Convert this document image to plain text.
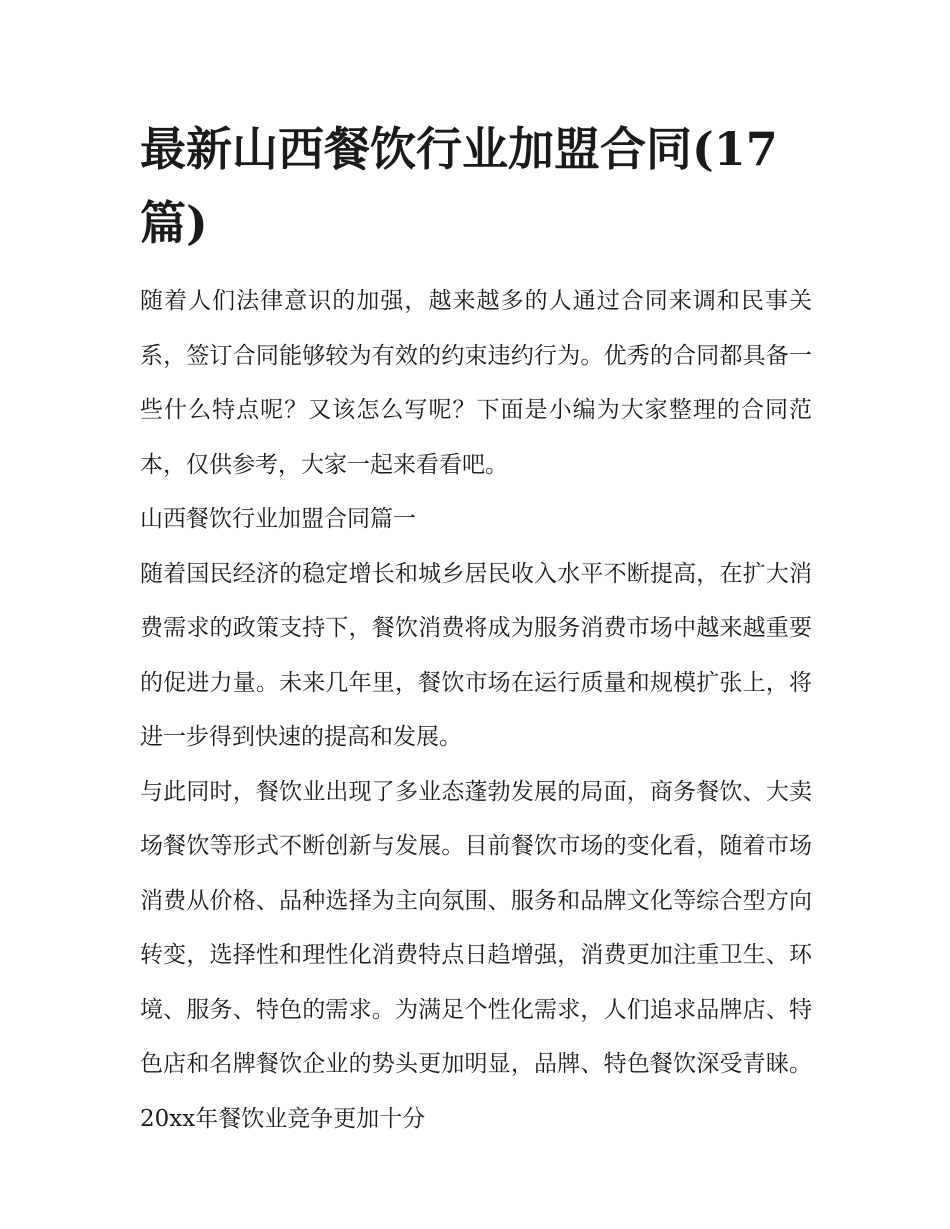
最新山西餐饮行业加盟合同(17篇)

随着人们法律意识的加强，越来越多的人通过合同来调和民事关系，签订合同能够较为有效的约束违约行为。优秀的合同都具备一些什么特点呢？又该怎么写呢？下面是小编为大家整理的合同范本，仅供参考，大家一起来看看吧。

山西餐饮行业加盟合同篇一

随着国民经济的稳定增长和城乡居民收入水平不断提高，在扩大消费需求的政策支持下，餐饮消费将成为服务消费市场中越来越重要的促进力量。未来几年里，餐饮市场在运行质量和规模扩张上，将进一步得到快速的提高和发展。

与此同时，餐饮业出现了多业态蓬勃发展的局面，商务餐饮、大卖场餐饮等形式不断创新与发展。目前餐饮市场的变化看，随着市场消费从价格、品种选择为主向氛围、服务和品牌文化等综合型方向转变，选择性和理性化消费特点日趋增强，消费更加注重卫生、环境、服务、特色的需求。为满足个性化需求，人们追求品牌店、特色店和名牌餐饮企业的势头更加明显，品牌、特色餐饮深受青睐。20xx年餐饮业竞争更加十分
